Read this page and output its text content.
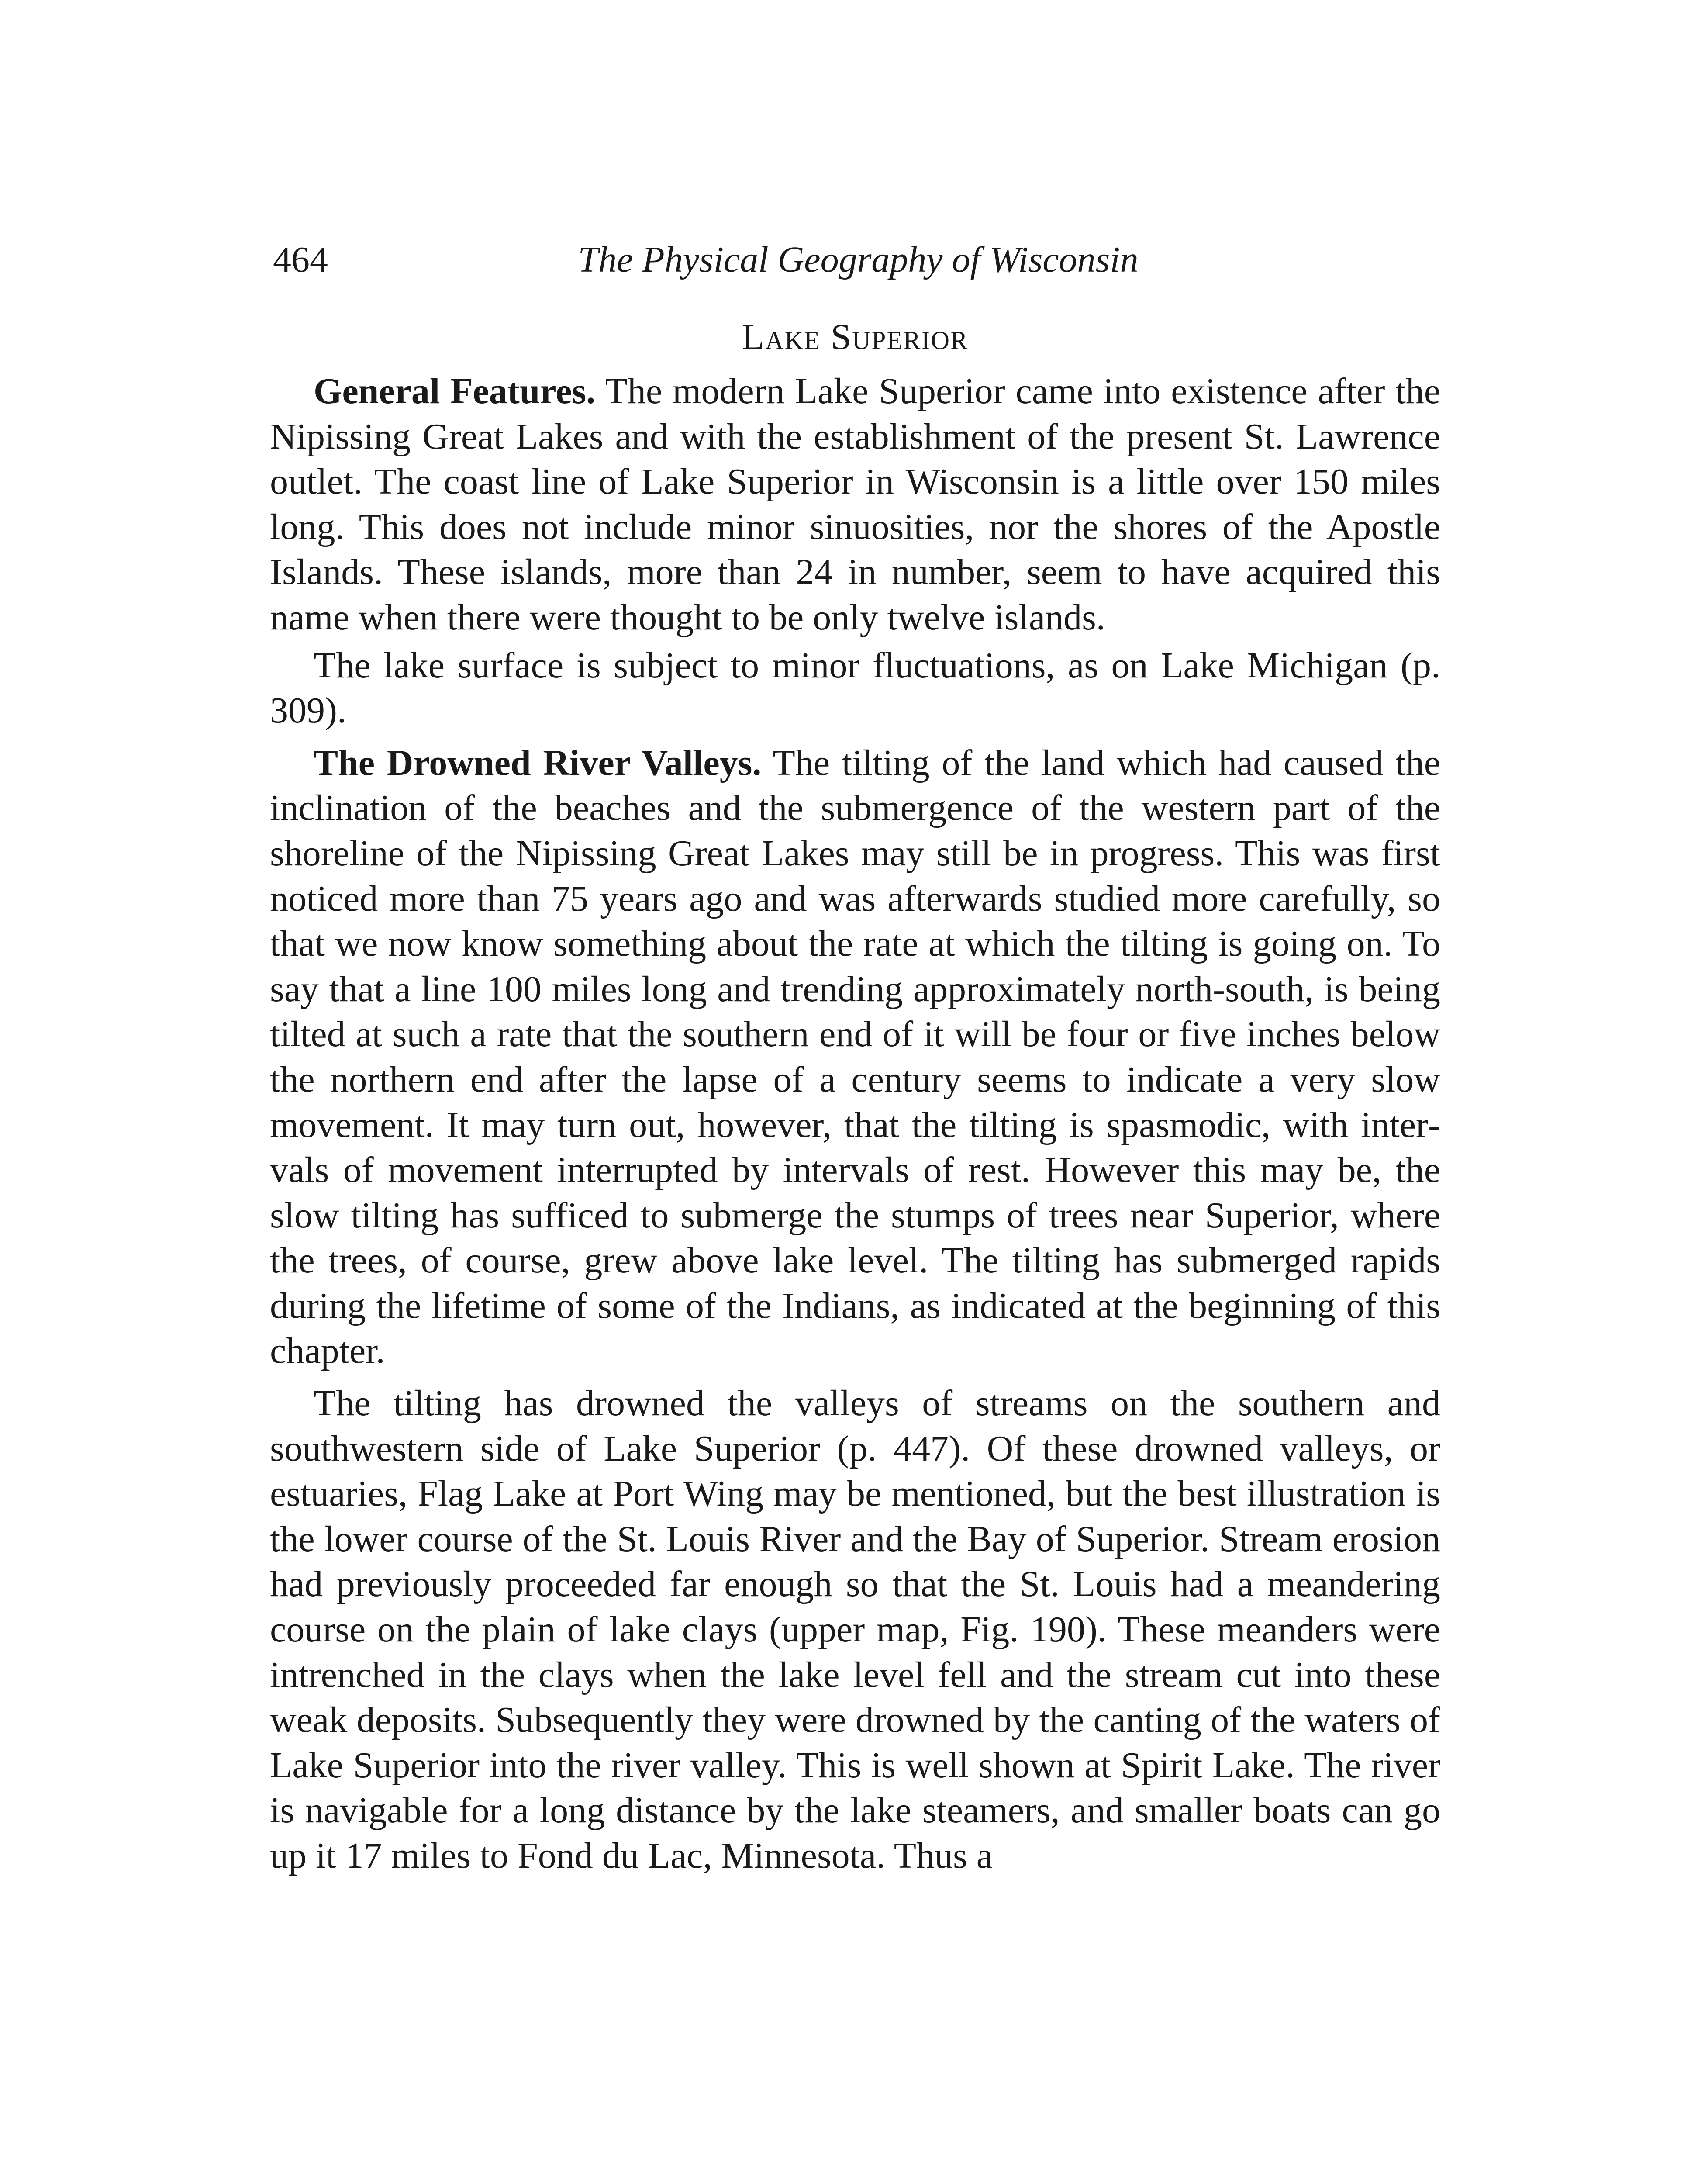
464	The Physical Geography of Wisconsin
Lake Superior

General Features. The modern Lake Superior came into existence after the Nipissing Great Lakes and with the establishment of the present St. Lawrence outlet. The coast line of Lake Superior in Wisconsin is a little over 150 miles long. This does not include minor sinuosities, nor the shores of the Apostle Islands. These islands, more than 24 in number, seem to have acquired this name when there were thought to be only twelve islands.

The lake surface is subject to minor fluctuations, as on Lake Michigan (p. 309).

The Drowned River Valleys. The tilting of the land which had caused the inclination of the beaches and the submergence of the western part of the shoreline of the Nipissing Great Lakes may still be in progress. This was first noticed more than 75 years ago and was afterwards studied more carefully, so that we now know something about the rate at which the tilting is going on. To say that a line 100 miles long and trending approximately north-south, is being tilted at such a rate that the southern end of it will be four or five inches below the northern end after the lapse of a century seems to indicate a very slow movement. It may turn out, however, that the tilting is spasmodic, with intervals of movement interrupted by intervals of rest. However this may be, the slow tilting has sufficed to submerge the stumps of trees near Superior, where the trees, of course, grew above lake level. The tilting has submerged rapids during the lifetime of some of the Indians, as indicated at the beginning of this chapter.

The tilting has drowned the valleys of streams on the southern and southwestern side of Lake Superior (p. 447). Of these drowned valleys, or estuaries, Flag Lake at Port Wing may be mentioned, but the best illustration is the lower course of the St. Louis River and the Bay of Superior. Stream erosion had previously proceeded far enough so that the St. Louis had a meandering course on the plain of lake clays (upper map, Fig. 190). These meanders were intrenched in the clays when the lake level fell and the stream cut into these weak deposits. Subsequently they were drowned by the canting of the waters of Lake Superior into the river valley. This is well shown at Spirit Lake. The river is navigable for a long distance by the lake steamers, and smaller boats can go up it 17 miles to Fond du Lac, Minnesota. Thus a
